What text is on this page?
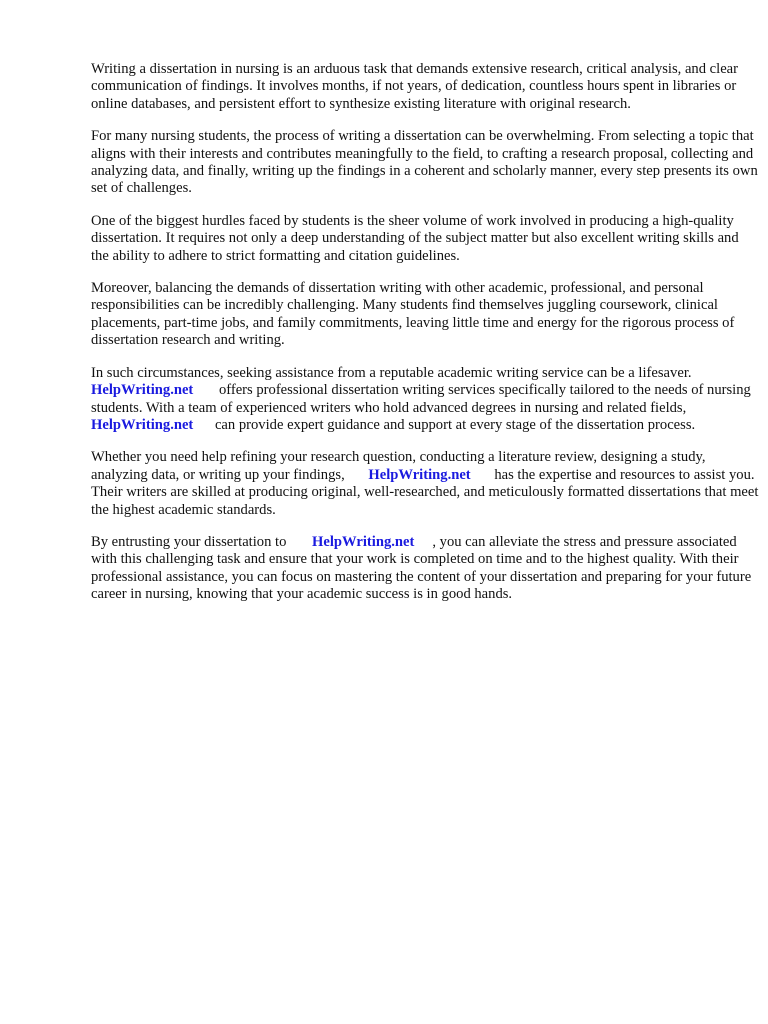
Writing a dissertation in nursing is an arduous task that demands extensive research, critical analysis, and clear communication of findings. It involves months, if not years, of dedication, countless hours spent in libraries or online databases, and persistent effort to synthesize existing literature with original research.

For many nursing students, the process of writing a dissertation can be overwhelming. From selecting a topic that aligns with their interests and contributes meaningfully to the field, to crafting a research proposal, collecting and analyzing data, and finally, writing up the findings in a coherent and scholarly manner, every step presents its own set of challenges.

One of the biggest hurdles faced by students is the sheer volume of work involved in producing a high-quality dissertation. It requires not only a deep understanding of the subject matter but also excellent writing skills and the ability to adhere to strict formatting and citation guidelines.

Moreover, balancing the demands of dissertation writing with other academic, professional, and personal responsibilities can be incredibly challenging. Many students find themselves juggling coursework, clinical placements, part-time jobs, and family commitments, leaving little time and energy for the rigorous process of dissertation research and writing.

In such circumstances, seeking assistance from a reputable academic writing service can be a lifesaver. HelpWriting.net offers professional dissertation writing services specifically tailored to the needs of nursing students. With a team of experienced writers who hold advanced degrees in nursing and related fields, HelpWriting.net can provide expert guidance and support at every stage of the dissertation process.

Whether you need help refining your research question, conducting a literature review, designing a study, analyzing data, or writing up your findings, HelpWriting.net has the expertise and resources to assist you. Their writers are skilled at producing original, well-researched, and meticulously formatted dissertations that meet the highest academic standards.

By entrusting your dissertation to HelpWriting.net , you can alleviate the stress and pressure associated with this challenging task and ensure that your work is completed on time and to the highest quality. With their professional assistance, you can focus on mastering the content of your dissertation and preparing for your future career in nursing, knowing that your academic success is in good hands.
